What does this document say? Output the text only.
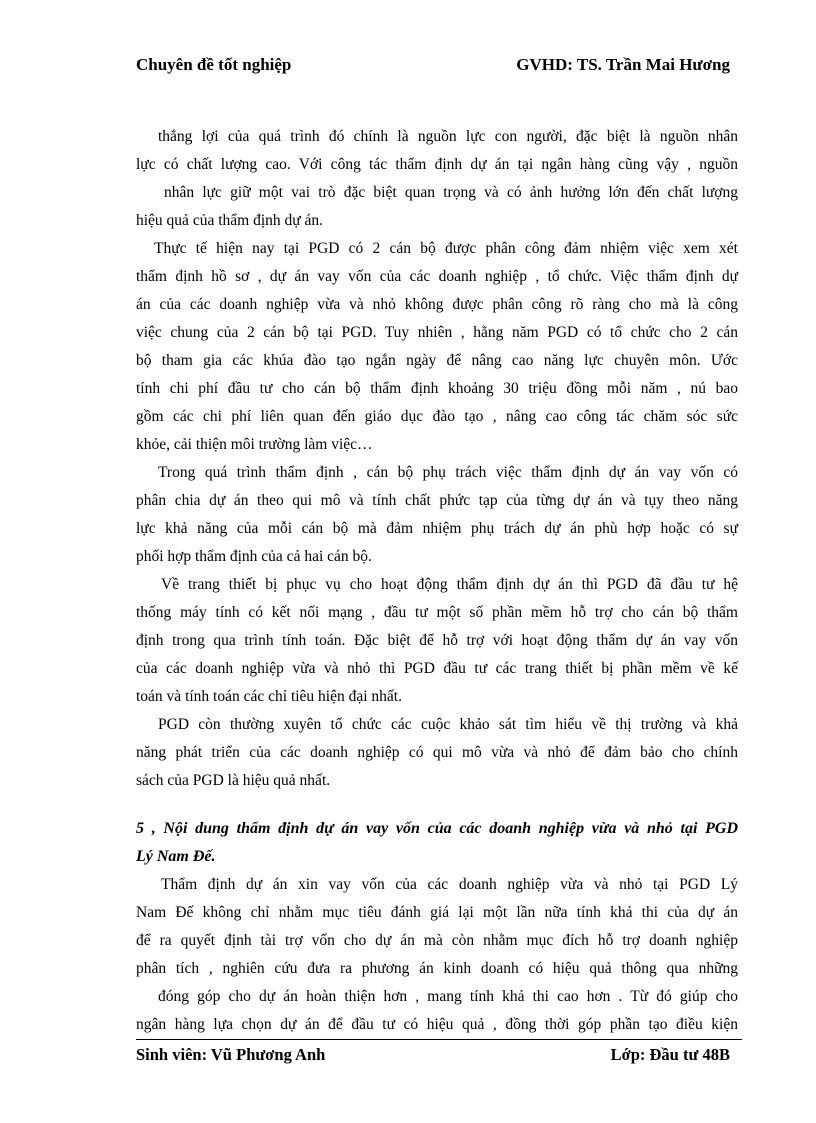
Chuyên đề tốt nghiệp	GVHD: TS. Trần Mai Hương
thắng lợi của quá trình đó chính là nguồn lực con người, đặc biệt là nguồn nhân
lực có chất lượng cao. Với công tác thẩm định dự án tại ngân hàng cũng vậy , nguồn
nhân lực giữ một vai trò đặc biệt quan trọng và có ảnh hưởng lớn đến chất lượng
hiệu quả của thẩm định dự án.
Thực tế hiện nay tại PGD có 2 cán bộ được phân công đảm nhiệm việc xem xét
thẩm định hồ sơ , dự án vay vốn của các doanh nghiệp , tổ chức. Việc thẩm định dự
án của các doanh nghiệp vừa và nhỏ không được phân công rõ ràng cho mà là công
việc chung của 2 cán bộ tại PGD. Tuy nhiên , hằng năm PGD có tổ chức cho 2 cán
bộ tham gia các khúa đào tạo ngắn ngày để nâng cao năng lực chuyên môn. Ước
tính chi phí đầu tư cho cán bộ thẩm định khoảng 30 triệu đồng mỗi năm , nú bao
gồm các chi phí liên quan đến giáo dục đào tạo , nâng cao công tác chăm sóc sức
khỏe, cải thiện môi trường làm việc…
Trong quá trình thẩm định , cán bộ phụ trách việc thẩm định dự án vay vốn có
phân chia dự án theo qui mô và tính chất phức tạp của từng dự án và tụy theo năng
lực khả năng của mỗi cán bộ mà đảm nhiệm phụ trách dự án phù hợp hoặc có sự
phối hợp thẩm định của cả hai cán bộ.
Về trang thiết bị phục vụ cho hoạt động thẩm định dự án thì PGD đã đầu tư hệ
thống máy tính có kết nối mạng , đầu tư một số phần mềm hỗ trợ cho cán bộ thẩm
định trong qua trình tính toán. Đặc biệt để hỗ trợ với hoạt động thẩm dự án vay vốn
của các doanh nghiệp vừa và nhỏ thì PGD đầu tư các trang thiết bị phần mềm về kế
toán và tính toán các chỉ tiêu hiện đại nhất.
PGD còn thường xuyên tổ chức các cuộc khảo sát tìm hiểu về thị trường và khả
năng phát triển của các doanh nghiệp có qui mô vừa và nhỏ để đảm bảo cho chính
sách của PGD là hiệu quả nhất.
5 , Nội dung thẩm định dự án vay vốn của các doanh nghiệp vừa và nhỏ tại PGD
Lý Nam Đế.
Thẩm định dự án xin vay vốn của các doanh nghiệp vừa và nhỏ tại PGD Lý
Nam Đế không chỉ nhằm mục tiêu đánh giá lại một lần nữa tính khả thi của dự án
để ra quyết định tài trợ vốn cho dự án mà còn nhằm mục đích hỗ trợ doanh nghiệp
phân tích , nghiên cứu đưa ra phương án kinh doanh có hiệu quả thông qua những
đóng góp cho dự án hoàn thiện hơn , mang tính khả thi cao hơn . Từ đó giúp cho
ngân hàng lựa chọn dự án để đầu tư có hiệu quả , đồng thời góp phần tạo điều kiện
Sinh viên: Vũ Phương Anh	Lớp: Đầu tư 48B
